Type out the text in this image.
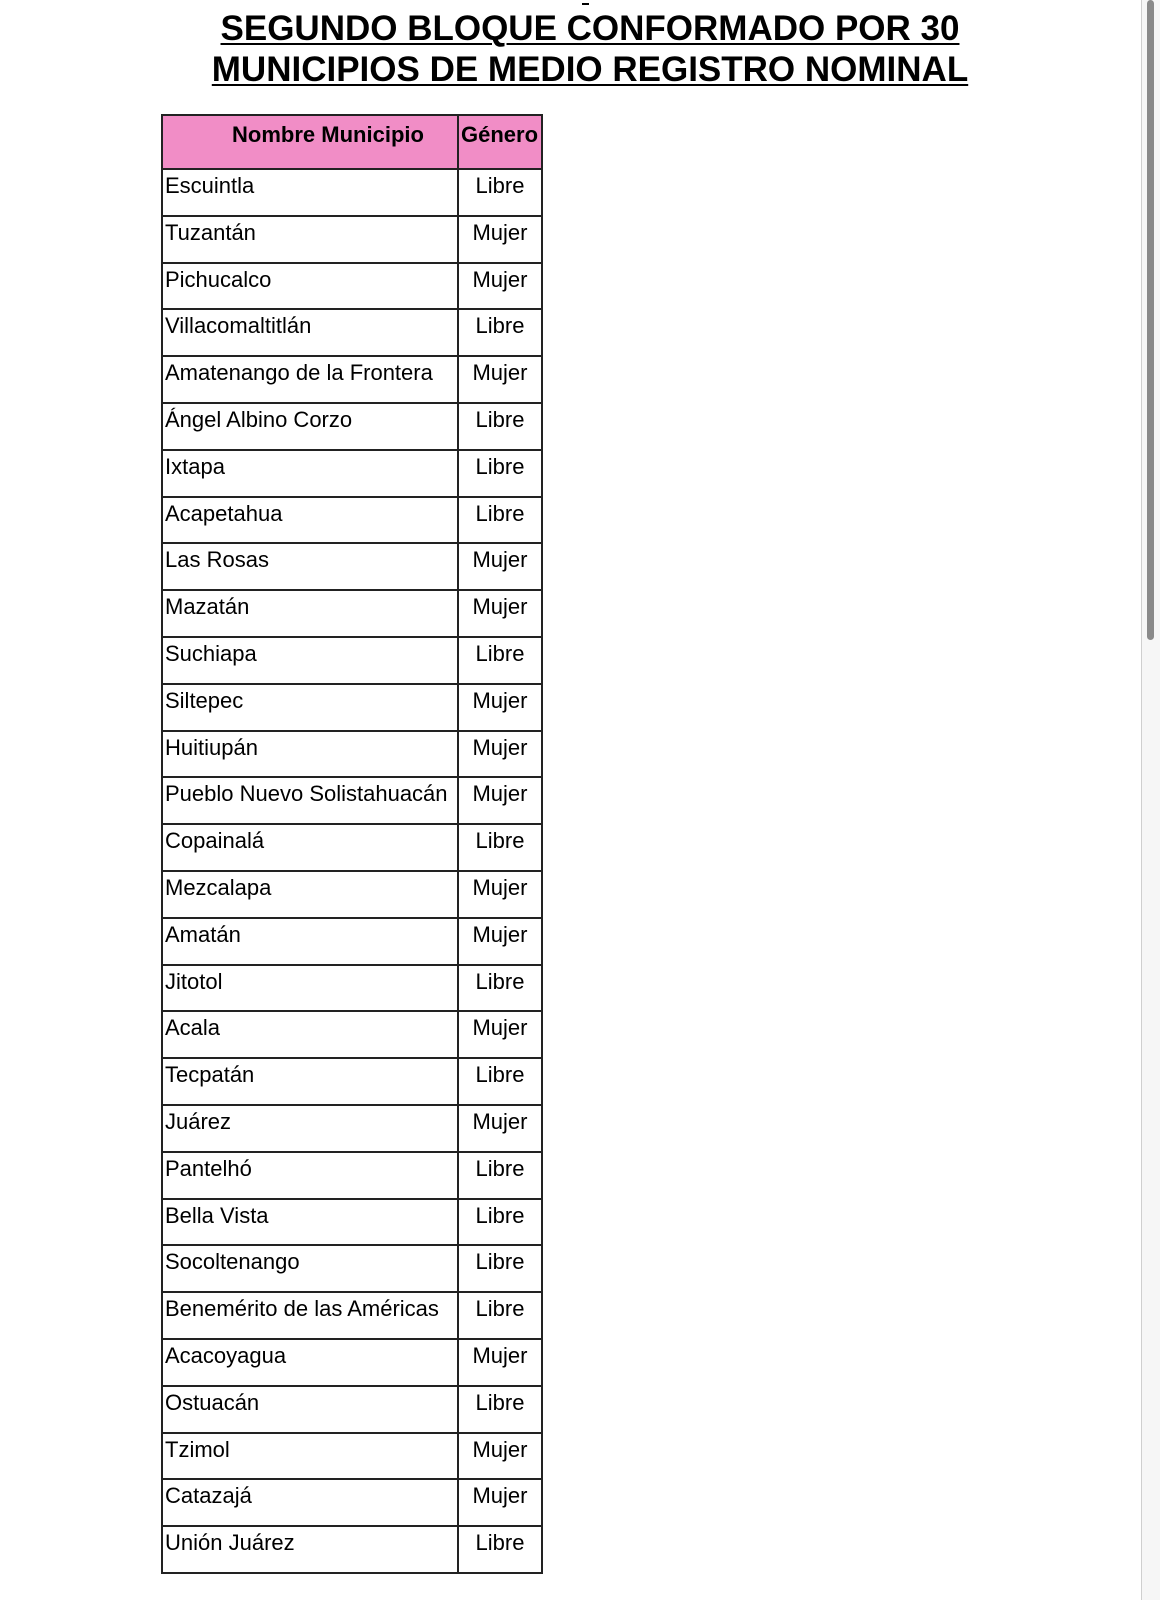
SEGUNDO BLOQUE CONFORMADO POR 30
MUNICIPIOS DE MEDIO REGISTRO NOMINAL
Nombre Municipio	Género
Escuintla	Libre
Tuzantán	Mujer
Pichucalco	Mujer
Villacomaltitlán	Libre
Amatenango de la Frontera	Mujer
Ángel Albino Corzo	Libre
Ixtapa	Libre
Acapetahua	Libre
Las Rosas	Mujer
Mazatán	Mujer
Suchiapa	Libre
Siltepec	Mujer
Huitiupán	Mujer
Pueblo Nuevo Solistahuacán	Mujer
Copainalá	Libre
Mezcalapa	Mujer
Amatán	Mujer
Jitotol	Libre
Acala	Mujer
Tecpatán	Libre
Juárez	Mujer
Pantelhó	Libre
Bella Vista	Libre
Socoltenango	Libre
Benemérito de las Américas	Libre
Acacoyagua	Mujer
Ostuacán	Libre
Tzimol	Mujer
Catazajá	Mujer
Unión Juárez	Libre
